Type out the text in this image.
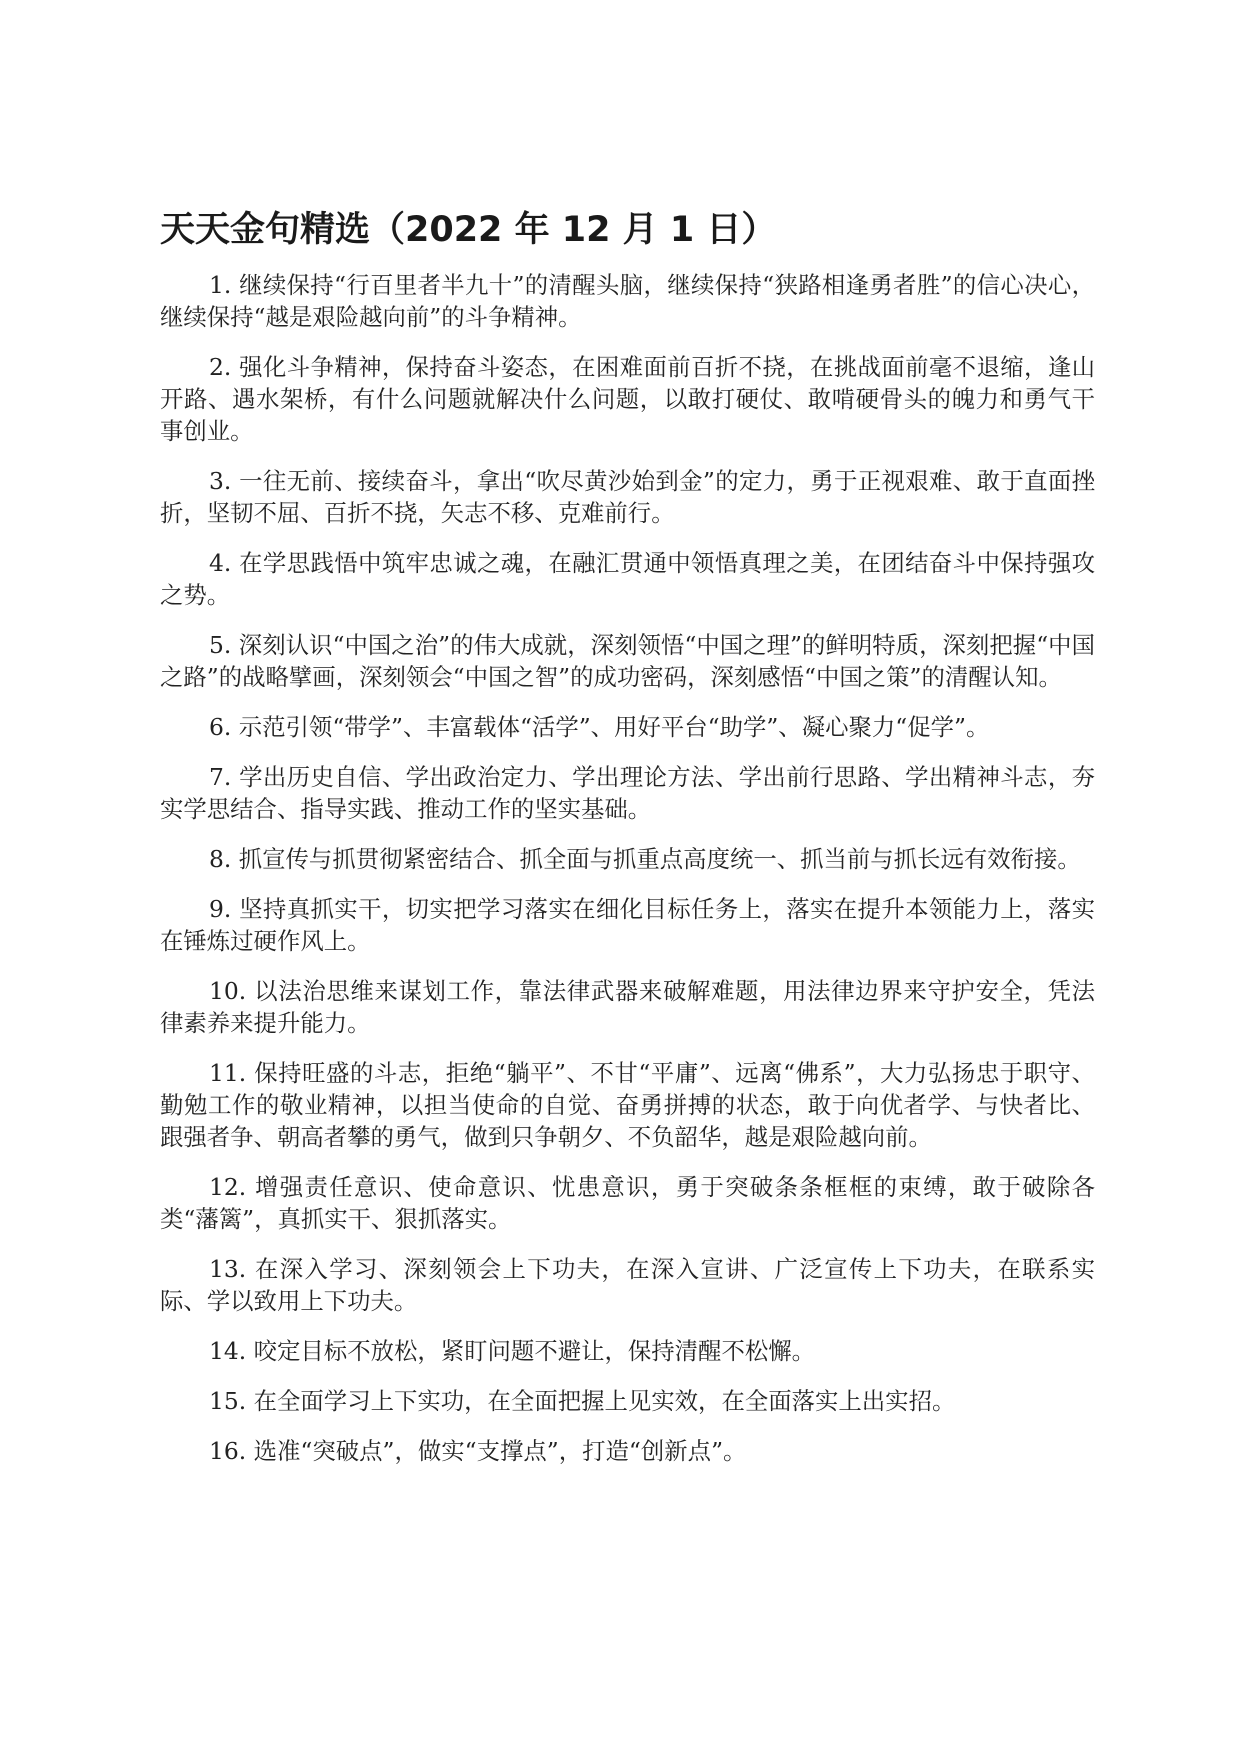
天天金句精选（2022 年 12 月 1 日）

1. 继续保持“行百里者半九十”的清醒头脑，继续保持“狭路相逢勇者胜”的信心决心，继续保持“越是艰险越向前”的斗争精神。

2. 强化斗争精神，保持奋斗姿态，在困难面前百折不挠，在挑战面前毫不退缩，逢山开路、遇水架桥，有什么问题就解决什么问题，以敢打硬仗、敢啃硬骨头的魄力和勇气干事创业。

3. 一往无前、接续奋斗，拿出“吹尽黄沙始到金”的定力，勇于正视艰难、敢于直面挫折，坚韧不屈、百折不挠，矢志不移、克难前行。

4. 在学思践悟中筑牢忠诚之魂，在融汇贯通中领悟真理之美，在团结奋斗中保持强攻之势。

5. 深刻认识“中国之治”的伟大成就，深刻领悟“中国之理”的鲜明特质，深刻把握“中国之路”的战略擘画，深刻领会“中国之智”的成功密码，深刻感悟“中国之策”的清醒认知。

6. 示范引领“带学”、丰富载体“活学”、用好平台“助学”、凝心聚力“促学”。

7. 学出历史自信、学出政治定力、学出理论方法、学出前行思路、学出精神斗志，夯实学思结合、指导实践、推动工作的坚实基础。

8. 抓宣传与抓贯彻紧密结合、抓全面与抓重点高度统一、抓当前与抓长远有效衔接。

9. 坚持真抓实干，切实把学习落实在细化目标任务上，落实在提升本领能力上，落实在锤炼过硬作风上。

10. 以法治思维来谋划工作，靠法律武器来破解难题，用法律边界来守护安全，凭法律素养来提升能力。

11. 保持旺盛的斗志，拒绝“躺平”、不甘“平庸”、远离“佛系”，大力弘扬忠于职守、勤勉工作的敬业精神，以担当使命的自觉、奋勇拼搏的状态，敢于向优者学、与快者比、跟强者争、朝高者攀的勇气，做到只争朝夕、不负韶华，越是艰险越向前。

12. 增强责任意识、使命意识、忧患意识，勇于突破条条框框的束缚，敢于破除各类“藩篱”，真抓实干、狠抓落实。

13. 在深入学习、深刻领会上下功夫，在深入宣讲、广泛宣传上下功夫，在联系实际、学以致用上下功夫。

14. 咬定目标不放松，紧盯问题不避让，保持清醒不松懈。

15. 在全面学习上下实功，在全面把握上见实效，在全面落实上出实招。

16. 选准“突破点”，做实“支撑点”，打造“创新点”。
